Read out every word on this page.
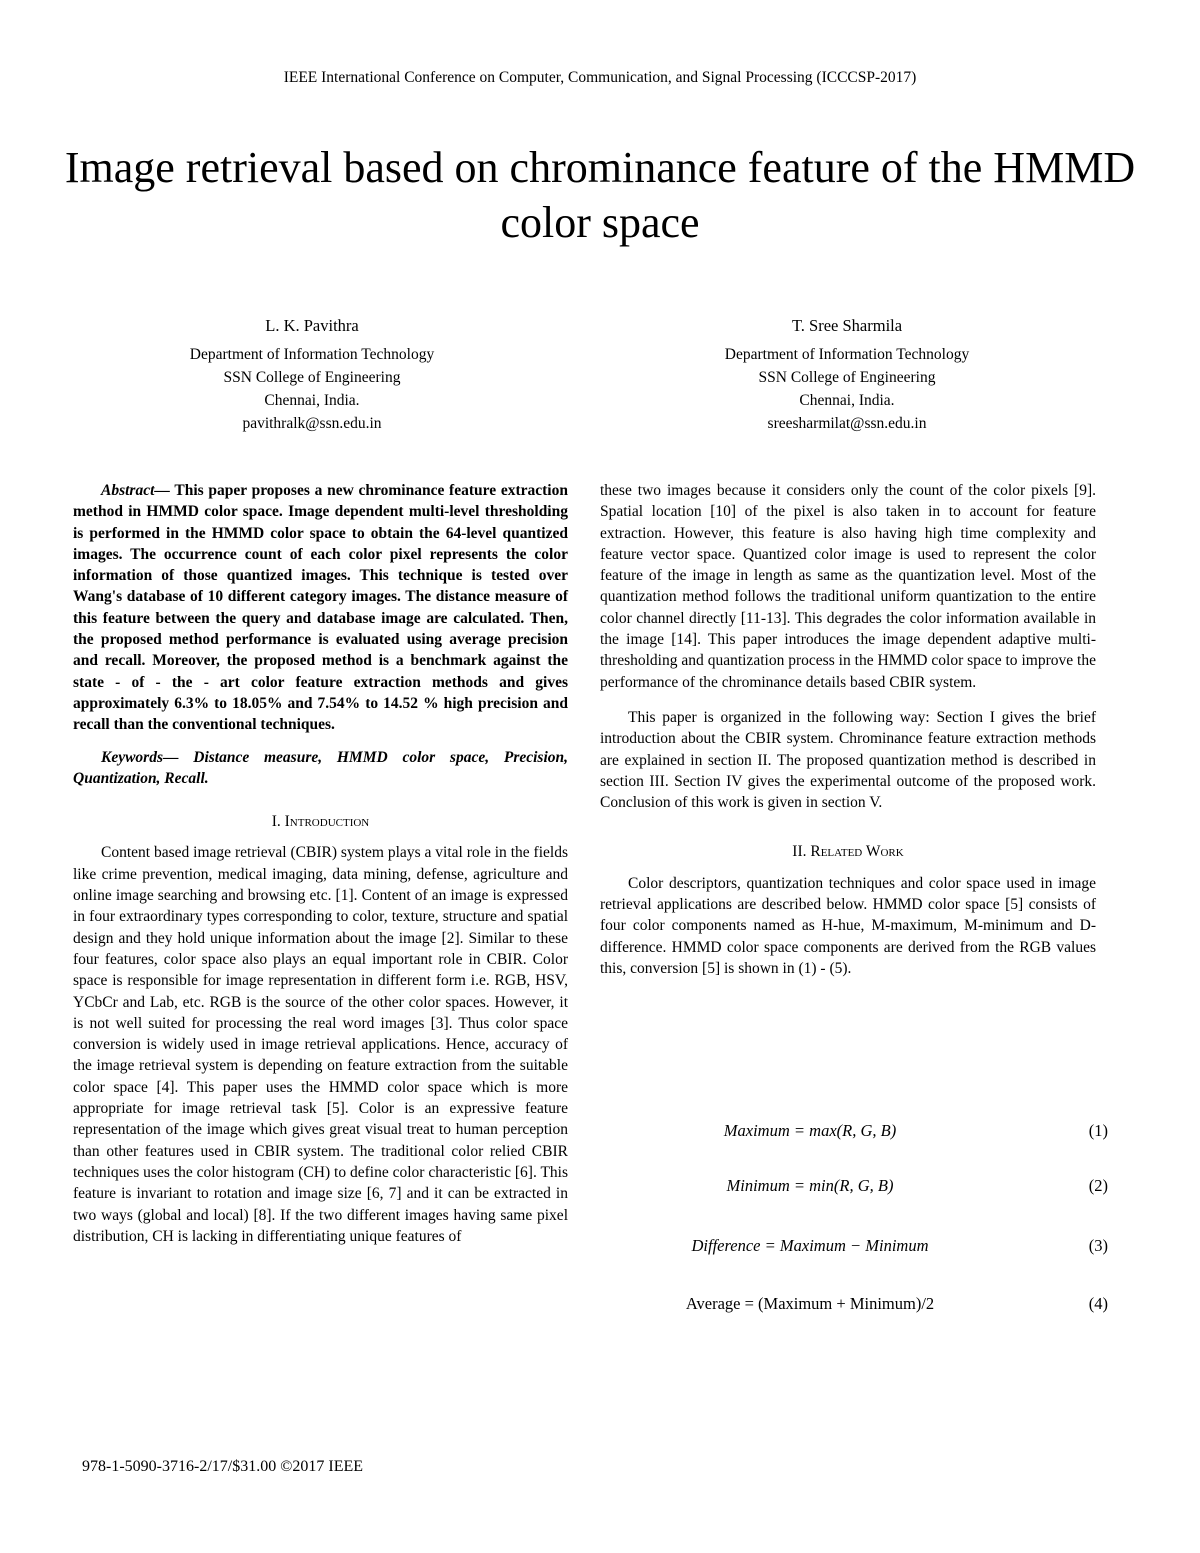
IEEE International Conference on Computer, Communication, and Signal Processing (ICCCSP-2017)
Image retrieval based on chrominance feature of the HMMD color space
L. K. Pavithra
Department of Information Technology
SSN College of Engineering
Chennai, India.
pavithralk@ssn.edu.in
T. Sree Sharmila
Department of Information Technology
SSN College of Engineering
Chennai, India.
sreesharmilat@ssn.edu.in

Abstract— This paper proposes a new chrominance feature extraction method in HMMD color space. Image dependent multi-level thresholding is performed in the HMMD color space to obtain the 64-level quantized images. The occurrence count of each color pixel represents the color information of those quantized images. This technique is tested over Wang's database of 10 different category images. The distance measure of this feature between the query and database image are calculated. Then, the proposed method performance is evaluated using average precision and recall. Moreover, the proposed method is a benchmark against the state - of - the - art color feature extraction methods and gives approximately 6.3% to 18.05% and 7.54% to 14.52 % high precision and recall than the conventional techniques.

Keywords— Distance measure, HMMD color space, Precision, Quantization, Recall.

I. Introduction

Content based image retrieval (CBIR) system plays a vital role in the fields like crime prevention, medical imaging, data mining, defense, agriculture and online image searching and browsing etc. [1]. Content of an image is expressed in four extraordinary types corresponding to color, texture, structure and spatial design and they hold unique information about the image [2]. Similar to these four features, color space also plays an equal important role in CBIR. Color space is responsible for image representation in different form i.e. RGB, HSV, YCbCr and Lab, etc. RGB is the source of the other color spaces. However, it is not well suited for processing the real word images [3]. Thus color space conversion is widely used in image retrieval applications. Hence, accuracy of the image retrieval system is depending on feature extraction from the suitable color space [4]. This paper uses the HMMD color space which is more appropriate for image retrieval task [5]. Color is an expressive feature representation of the image which gives great visual treat to human perception than other features used in CBIR system. The traditional color relied CBIR techniques uses the color histogram (CH) to define color characteristic [6]. This feature is invariant to rotation and image size [6, 7] and it can be extracted in two ways (global and local) [8]. If the two different images having same pixel distribution, CH is lacking in differentiating unique features of

these two images because it considers only the count of the color pixels [9]. Spatial location [10] of the pixel is also taken in to account for feature extraction. However, this feature is also having high time complexity and feature vector space. Quantized color image is used to represent the color feature of the image in length as same as the quantization level. Most of the quantization method follows the traditional uniform quantization to the entire color channel directly [11-13]. This degrades the color information available in the image [14]. This paper introduces the image dependent adaptive multi-thresholding and quantization process in the HMMD color space to improve the performance of the chrominance details based CBIR system.

This paper is organized in the following way: Section I gives the brief introduction about the CBIR system. Chrominance feature extraction methods are explained in section II. The proposed quantization method is described in section III. Section IV gives the experimental outcome of the proposed work. Conclusion of this work is given in section V.

II. Related Work

Color descriptors, quantization techniques and color space used in image retrieval applications are described below. HMMD color space [5] consists of four color components named as H-hue, M-maximum, M-minimum and D-difference. HMMD color space components are derived from the RGB values this, conversion [5] is shown in (1) - (5).

Maximum = max(R, G, B)	(1)
Minimum = min(R, G, B)	(2)
Difference = Maximum − Minimum	(3)
Average = (Maximum + Minimum)/2	(4)
978-1-5090-3716-2/17/$31.00 ©2017 IEEE
